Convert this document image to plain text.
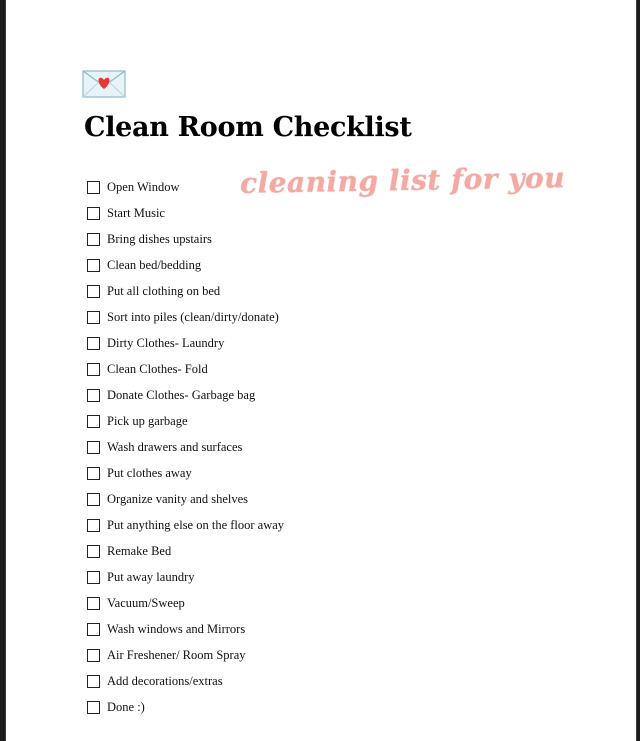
Clean Room Checklist
cleaning list for you
Open Window
Start Music
Bring dishes upstairs
Clean bed/bedding
Put all clothing on bed
Sort into piles (clean/dirty/donate)
Dirty Clothes- Laundry
Clean Clothes- Fold
Donate Clothes- Garbage bag
Pick up garbage
Wash drawers and surfaces
Put clothes away
Organize vanity and shelves
Put anything else on the floor away
Remake Bed
Put away laundry
Vacuum/Sweep
Wash windows and Mirrors
Air Freshener/ Room Spray
Add decorations/extras
Done :)
